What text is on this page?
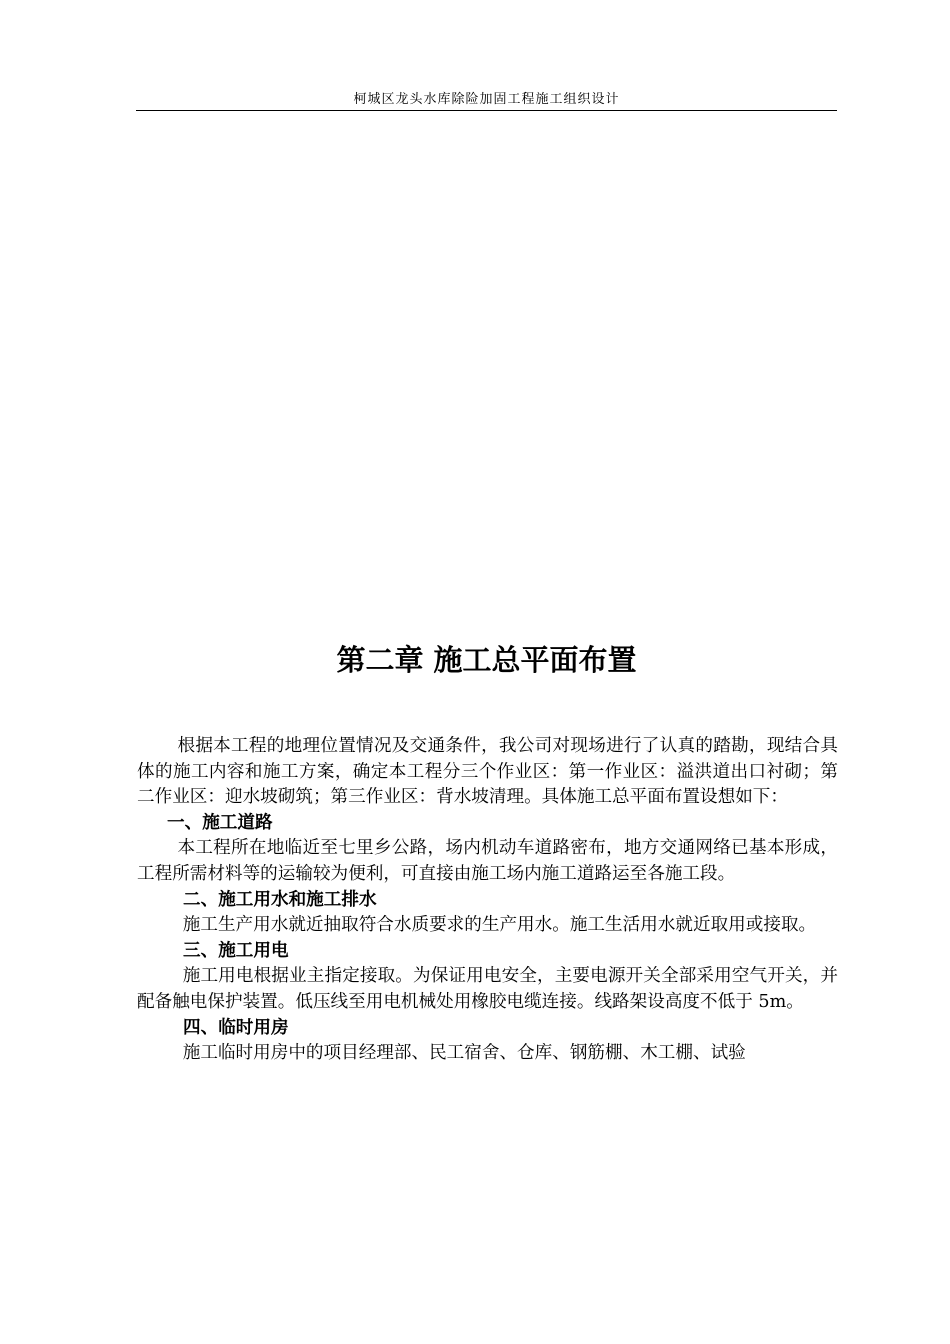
柯城区龙头水库除险加固工程施工组织设计
第二章 施工总平面布置

根据本工程的地理位置情况及交通条件，我公司对现场进行了认真的踏勘，现结合具体的施工内容和施工方案，确定本工程分三个作业区：第一作业区：溢洪道出口衬砌；第二作业区：迎水坡砌筑；第三作业区：背水坡清理。具体施工总平面布置设想如下：

一、施工道路

本工程所在地临近至七里乡公路，场内机动车道路密布，地方交通网络已基本形成，工程所需材料等的运输较为便利，可直接由施工场内施工道路运至各施工段。

二、施工用水和施工排水

施工生产用水就近抽取符合水质要求的生产用水。施工生活用水就近取用或接取。

三、施工用电

施工用电根据业主指定接取。为保证用电安全，主要电源开关全部采用空气开关，并配备触电保护装置。低压线至用电机械处用橡胶电缆连接。线路架设高度不低于 5m。

四、临时用房

施工临时用房中的项目经理部、民工宿舍、仓库、钢筋棚、木工棚、试验
